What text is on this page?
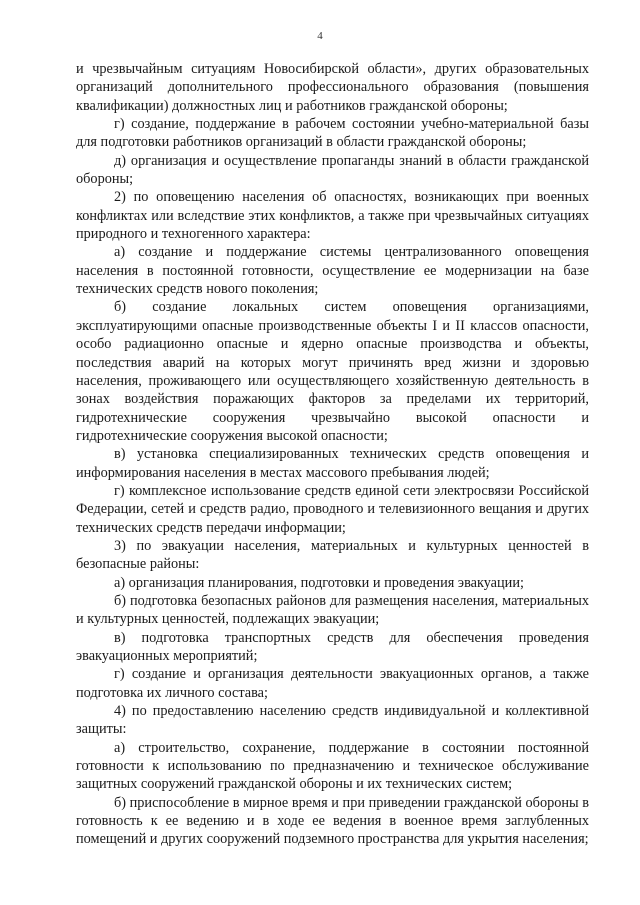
4

и чрезвычайным ситуациям Новосибирской области», других образовательных организаций дополнительного профессионального образования (повышения квалификации) должностных лиц и работников гражданской обороны;

г) создание, поддержание в рабочем состоянии учебно-материальной базы для подготовки работников организаций в области гражданской обороны;

д) организация и осуществление пропаганды знаний в области гражданской обороны;

2) по оповещению населения об опасностях, возникающих при военных конфликтах или вследствие этих конфликтов, а также при чрезвычайных ситуациях природного и техногенного характера:

а) создание и поддержание системы централизованного оповещения населения в постоянной готовности, осуществление ее модернизации на базе технических средств нового поколения;

б) создание локальных систем оповещения организациями, эксплуатирующими опасные производственные объекты I и II классов опасности, особо радиационно опасные и ядерно опасные производства и объекты, последствия аварий на которых могут причинять вред жизни и здоровью населения, проживающего или осуществляющего хозяйственную деятельность в зонах воздействия поражающих факторов за пределами их территорий, гидротехнические сооружения чрезвычайно высокой опасности и гидротехнические сооружения высокой опасности;

в) установка специализированных технических средств оповещения и информирования населения в местах массового пребывания людей;

г) комплексное использование средств единой сети электросвязи Российской Федерации, сетей и средств радио, проводного и телевизионного вещания и других технических средств передачи информации;

3) по эвакуации населения, материальных и культурных ценностей в безопасные районы:

а) организация планирования, подготовки и проведения эвакуации;

б) подготовка безопасных районов для размещения населения, материальных и культурных ценностей, подлежащих эвакуации;

в) подготовка транспортных средств для обеспечения проведения эвакуационных мероприятий;

г) создание и организация деятельности эвакуационных органов, а также подготовка их личного состава;

4) по предоставлению населению средств индивидуальной и коллективной защиты:

а) строительство, сохранение, поддержание в состоянии постоянной готовности к использованию по предназначению и техническое обслуживание защитных сооружений гражданской обороны и их технических систем;

б) приспособление в мирное время и при приведении гражданской обороны в готовность к ее ведению и в ходе ее ведения в военное время заглубленных помещений и других сооружений подземного пространства для укрытия населения;
